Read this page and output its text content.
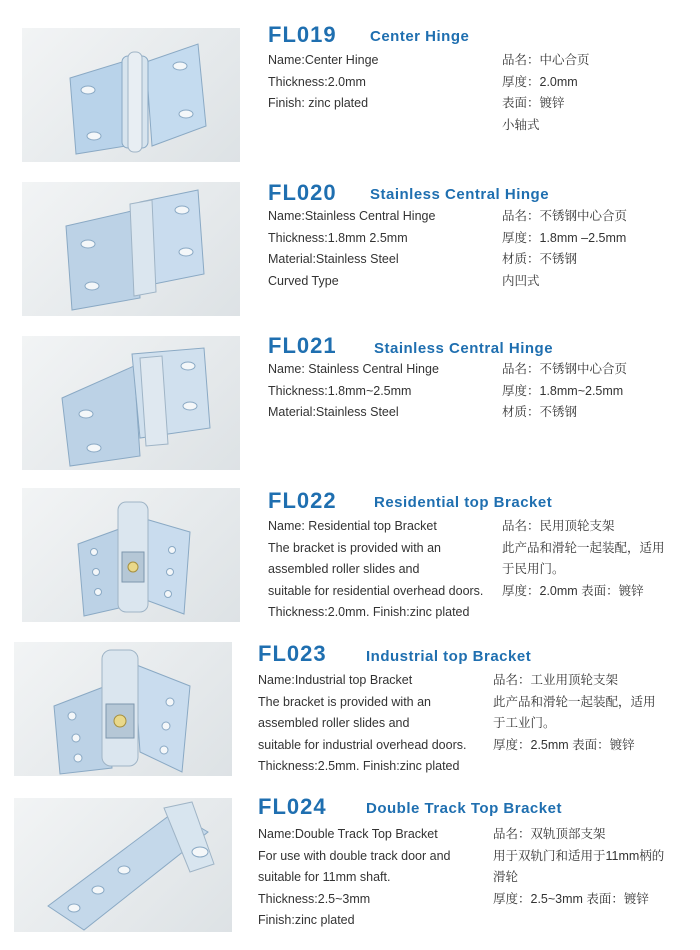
FL019 Center Hinge
Name:Center Hinge
Thickness:2.0mm
Finish: zinc plated
品名：中心合页
厚度：2.0mm
表面：镀锌
小轴式
FL020 Stainless Central Hinge
Name:Stainless Central Hinge
Thickness:1.8mm 2.5mm
Material:Stainless Steel
Curved Type
品名：不锈钢中心合页
厚度：1.8mm –2.5mm
材质：不锈钢
内凹式
FL021 Stainless Central Hinge
Name: Stainless Central Hinge
Thickness:1.8mm~2.5mm
Material:Stainless Steel
品名：不锈钢中心合页
厚度：1.8mm~2.5mm
材质：不锈钢
FL022 Residential top Bracket
Name: Residential top Bracket
The bracket is provided with an
assembled roller slides and
suitable for residential overhead doors.
Thickness:2.0mm. Finish:zinc plated
品名：民用顶轮支架
此产品和滑轮一起装配，适用
于民用门。
厚度：2.0mm 表面：镀锌
FL023	Industrial top Bracket
Name:Industrial top Bracket
The bracket is provided with an
assembled roller slides and
suitable for industrial overhead doors.
Thickness:2.5mm. Finish:zinc plated
品名：工业用顶轮支架
此产品和滑轮一起装配，适用
于工业门。
厚度：2.5mm 表面：镀锌
FL024	Double Track Top Bracket
Name:Double Track Top Bracket
For use with double track door and
suitable for 11mm shaft.
Thickness:2.5~3mm
Finish:zinc plated
品名：双轨顶部支架
用于双轨门和适用于11mm柄的
滑轮
厚度：2.5~3mm 表面：镀锌
